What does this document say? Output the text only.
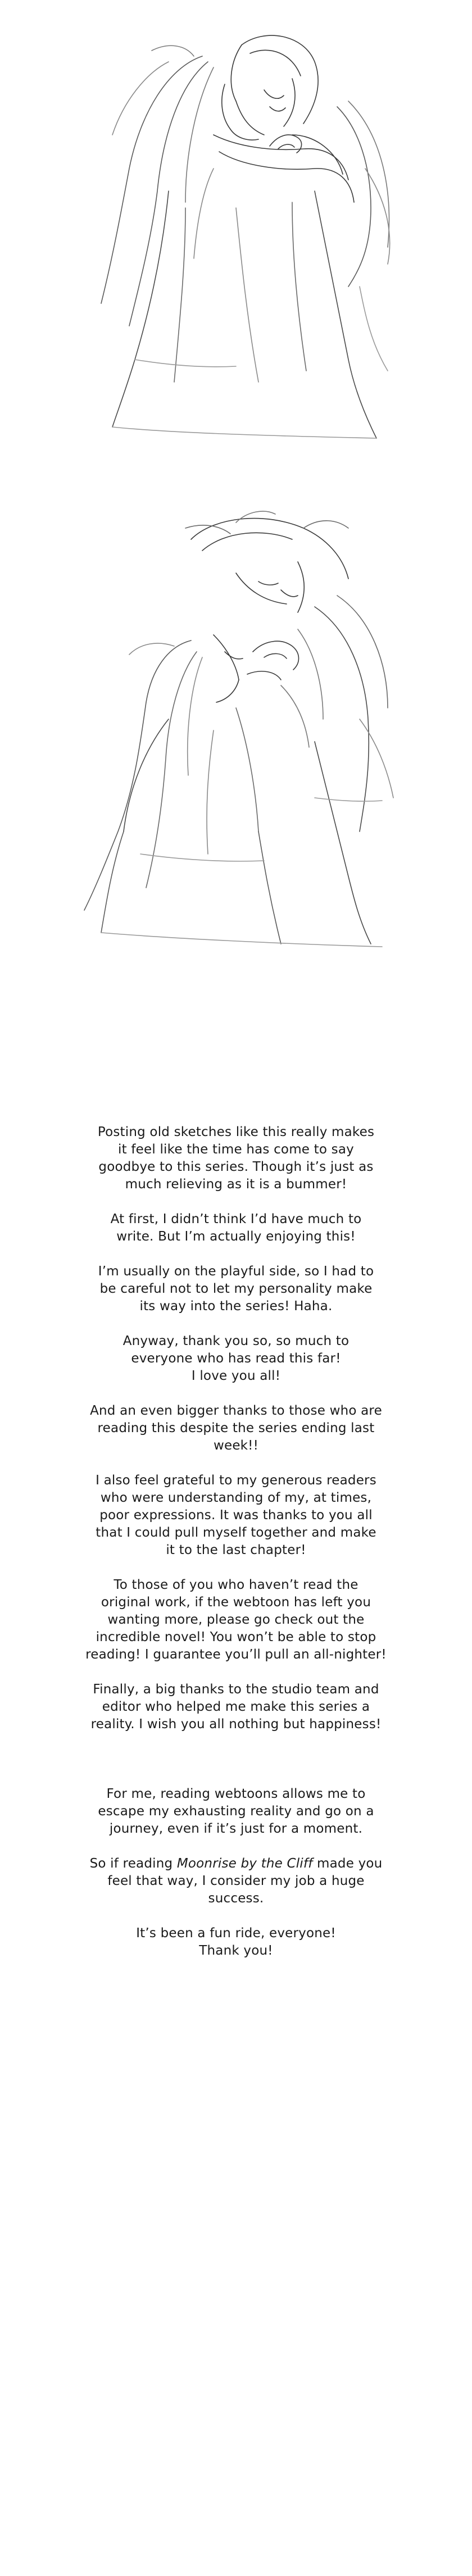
Posting old sketches like this really makes
it feel like the time has come to say
goodbye to this series. Though it’s just as
much relieving as it is a bummer!

At first, I didn’t think I’d have much to
write. But I’m actually enjoying this!

I’m usually on the playful side, so I had to
be careful not to let my personality make
its way into the series! Haha.

Anyway, thank you so, so much to
everyone who has read this far!
I love you all!

And an even bigger thanks to those who are
reading this despite the series ending last
week!!

I also feel grateful to my generous readers
who were understanding of my, at times,
poor expressions. It was thanks to you all
that I could pull myself together and make
it to the last chapter!

To those of you who haven’t read the
original work, if the webtoon has left you
wanting more, please go check out the
incredible novel! You won’t be able to stop
reading! I guarantee you’ll pull an all-nighter!

Finally, a big thanks to the studio team and
editor who helped me make this series a
reality. I wish you all nothing but happiness!

For me, reading webtoons allows me to
escape my exhausting reality and go on a
journey, even if it’s just for a moment.

So if reading Moonrise by the Cliff made you
feel that way, I consider my job a huge
success.

It’s been a fun ride, everyone!
Thank you!
